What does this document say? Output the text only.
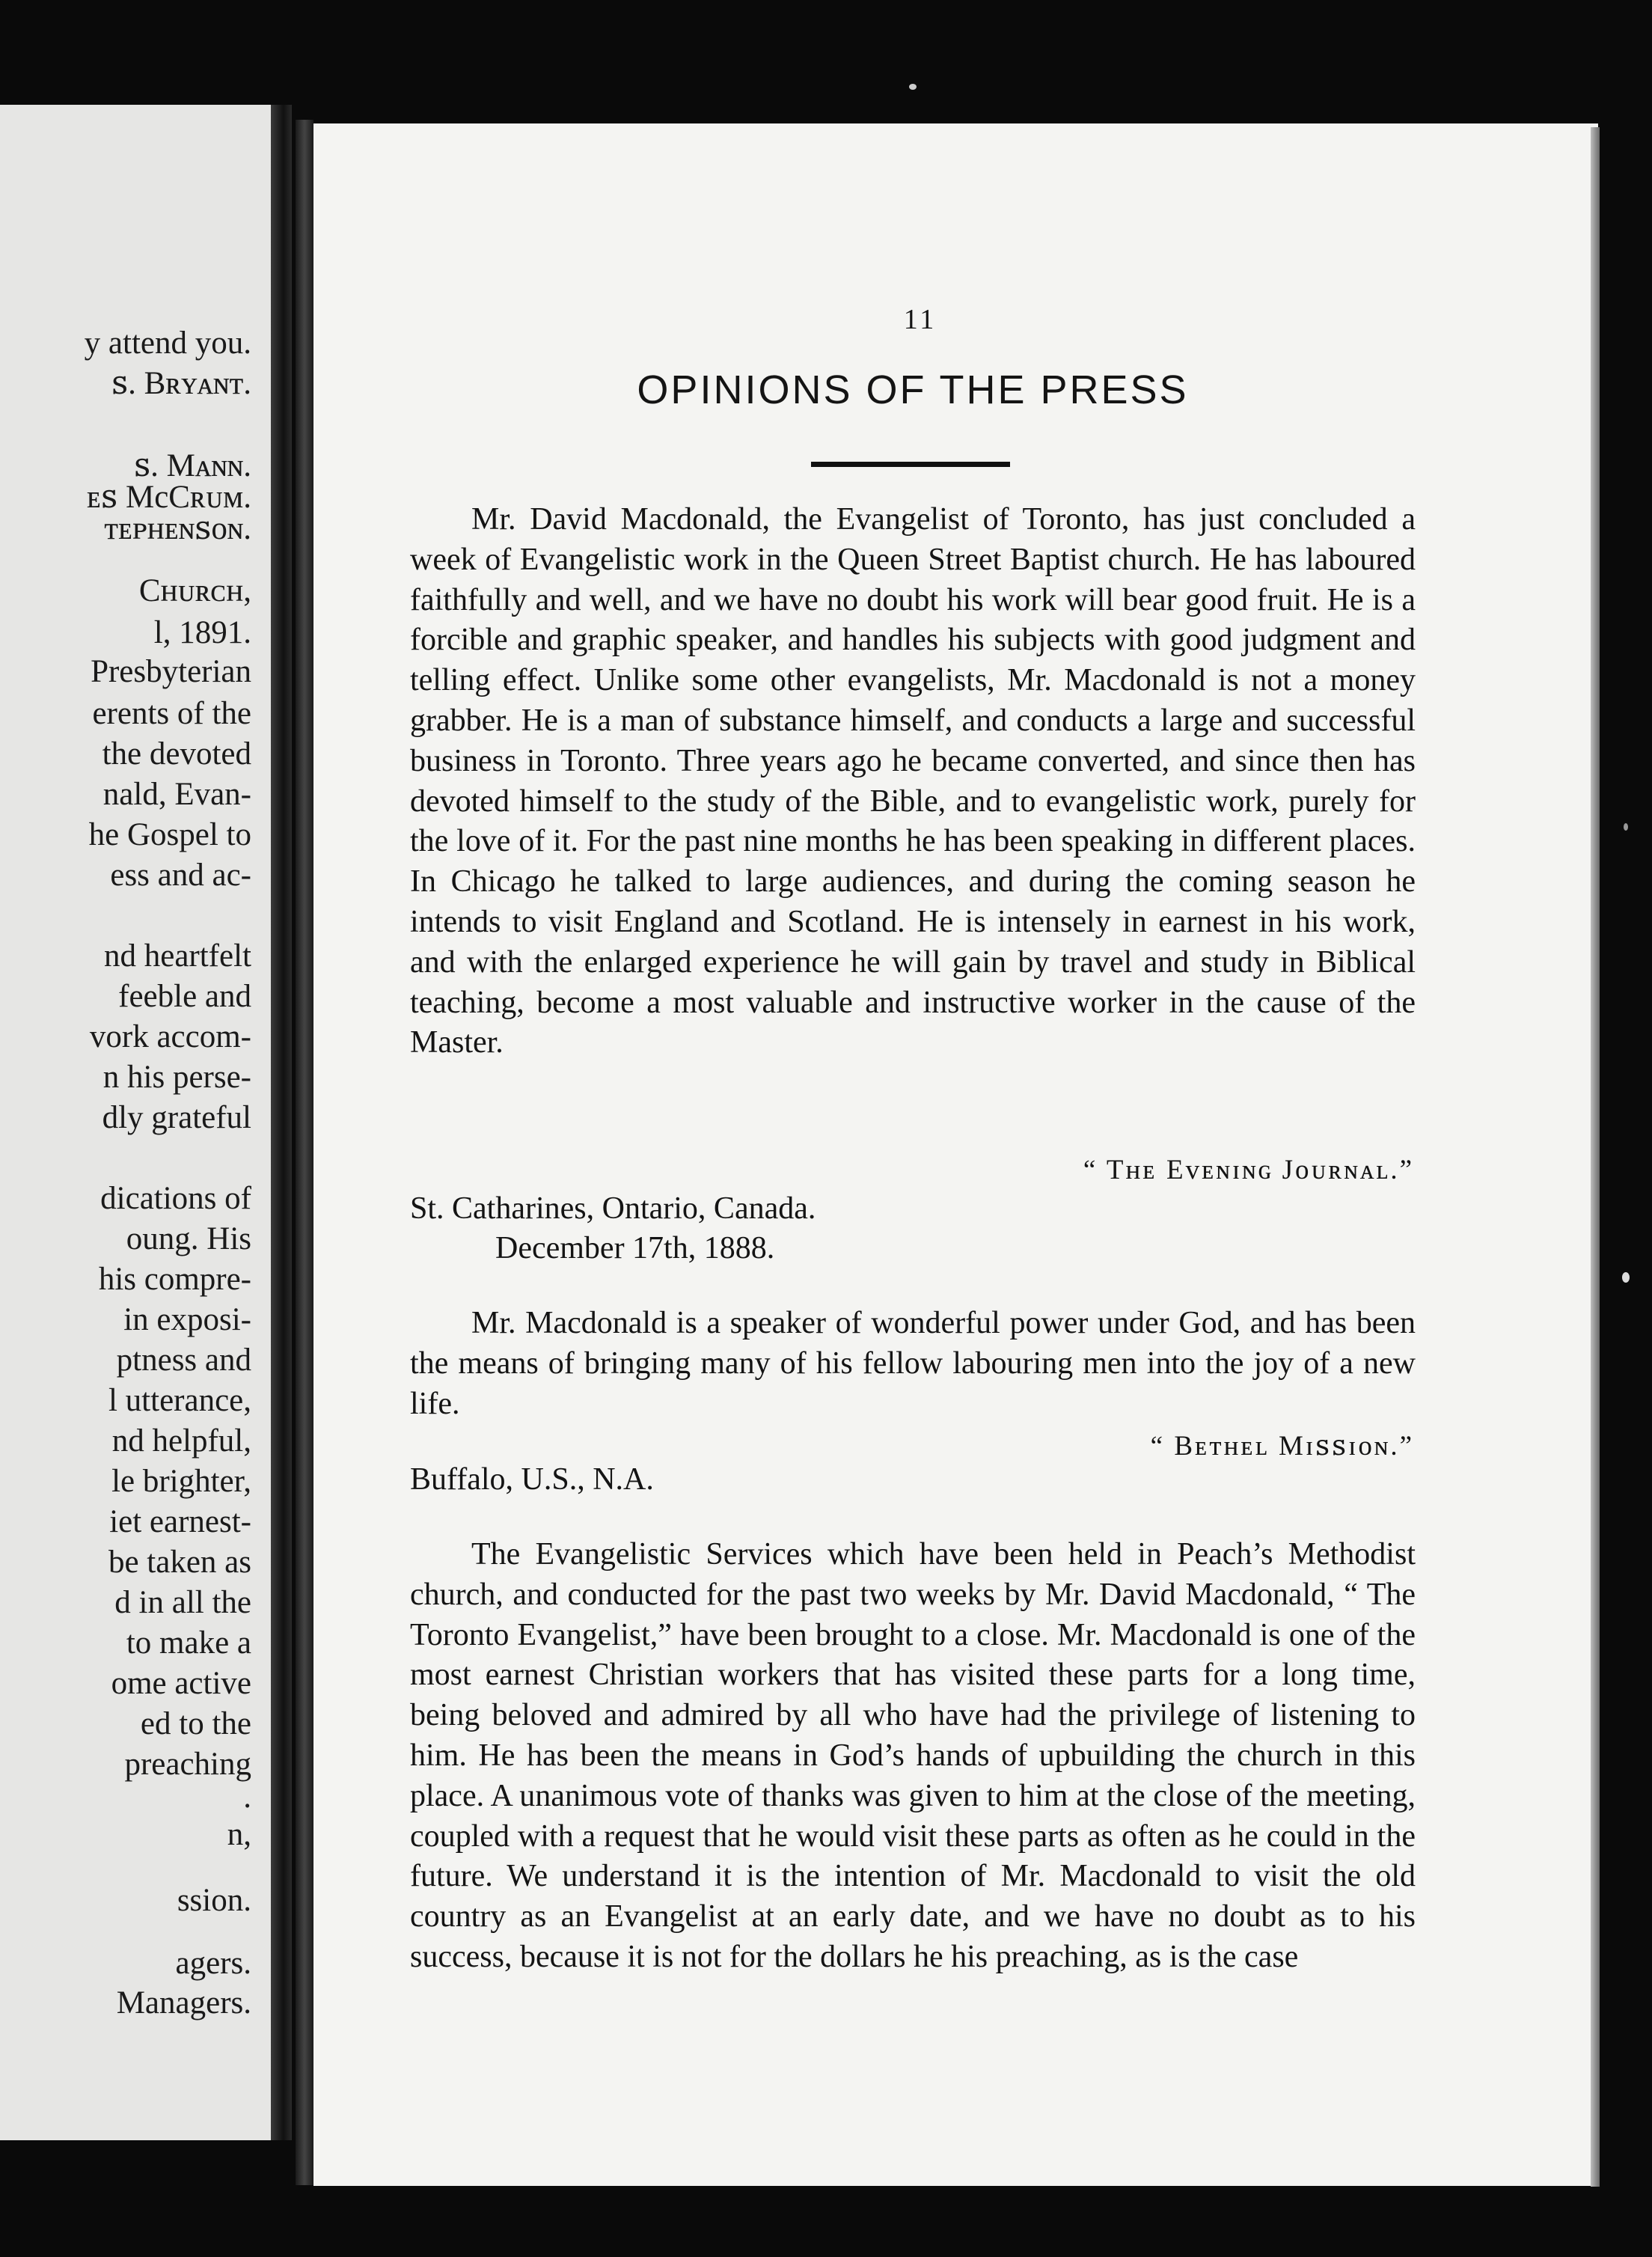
y attend you.
ꜱ. Bʀʏᴀɴᴛ.
ꜱ. Mᴀɴɴ.
ᴇꜱ McCʀᴜᴍ.
ᴛᴇᴘʜᴇɴꜱᴏɴ.
Cʜᴜʀᴄʜ,
l, 1891.
Presbyterian
erents of the
the devoted
nald, Evan-
he Gospel to
ess and ac-
nd heartfelt
feeble and
vork accom-
n his perse-
dly grateful
dications of
oung. His
his compre-
in exposi-
ptness and
l utterance,
nd helpful,
le brighter,
iet earnest-
be taken as
d in all the
to make a
ome active
ed to the
preaching
.
n,
ssion.
agers.
Managers.
11
OPINIONS OF THE PRESS

Mr. David Macdonald, the Evangelist of Toronto, has just concluded a week of Evangelistic work in the Queen Street Baptist church. He has laboured faithfully and well, and we have no doubt his work will bear good fruit. He is a forcible and graphic speaker, and handles his subjects with good judgment and telling effect. Unlike some other evangelists, Mr. Macdonald is not a money grabber. He is a man of substance himself, and conducts a large and successful business in Toronto. Three years ago he became converted, and since then has devoted himself to the study of the Bible, and to evangelistic work, purely for the love of it. For the past nine months he has been speaking in different places. In Chicago he talked to large audiences, and during the coming season he intends to visit England and Scotland. He is intensely in earnest in his work, and with the enlarged experience he will gain by travel and study in Biblical teaching, become a most valuable and instructive worker in the cause of the Master.

“ Tʜᴇ Eᴠᴇɴɪɴɢ Jᴏᴜʀɴᴀʟ.”
St. Catharines, Ontario, Canada.
December 17th, 1888.

Mr. Macdonald is a speaker of wonderful power under God, and has been the means of bringing many of his fellow labouring men into the joy of a new life.

“ Bᴇᴛʜᴇʟ Mɪꜱꜱɪᴏɴ.”
Buffalo, U.S., N.A.

The Evangelistic Services which have been held in Peach’s Methodist church, and conducted for the past two weeks by Mr. David Macdonald, “ The Toronto Evangelist,” have been brought to a close. Mr. Macdonald is one of the most earnest Christian workers that has visited these parts for a long time, being beloved and admired by all who have had the privilege of listening to him. He has been the means in God’s hands of upbuilding the church in this place. A unanimous vote of thanks was given to him at the close of the meeting, coupled with a request that he would visit these parts as often as he could in the future. We understand it is the intention of Mr. Macdonald to visit the old country as an Evangelist at an early date, and we have no doubt as to his success, because it is not for the dollars he his preaching, as is the case
